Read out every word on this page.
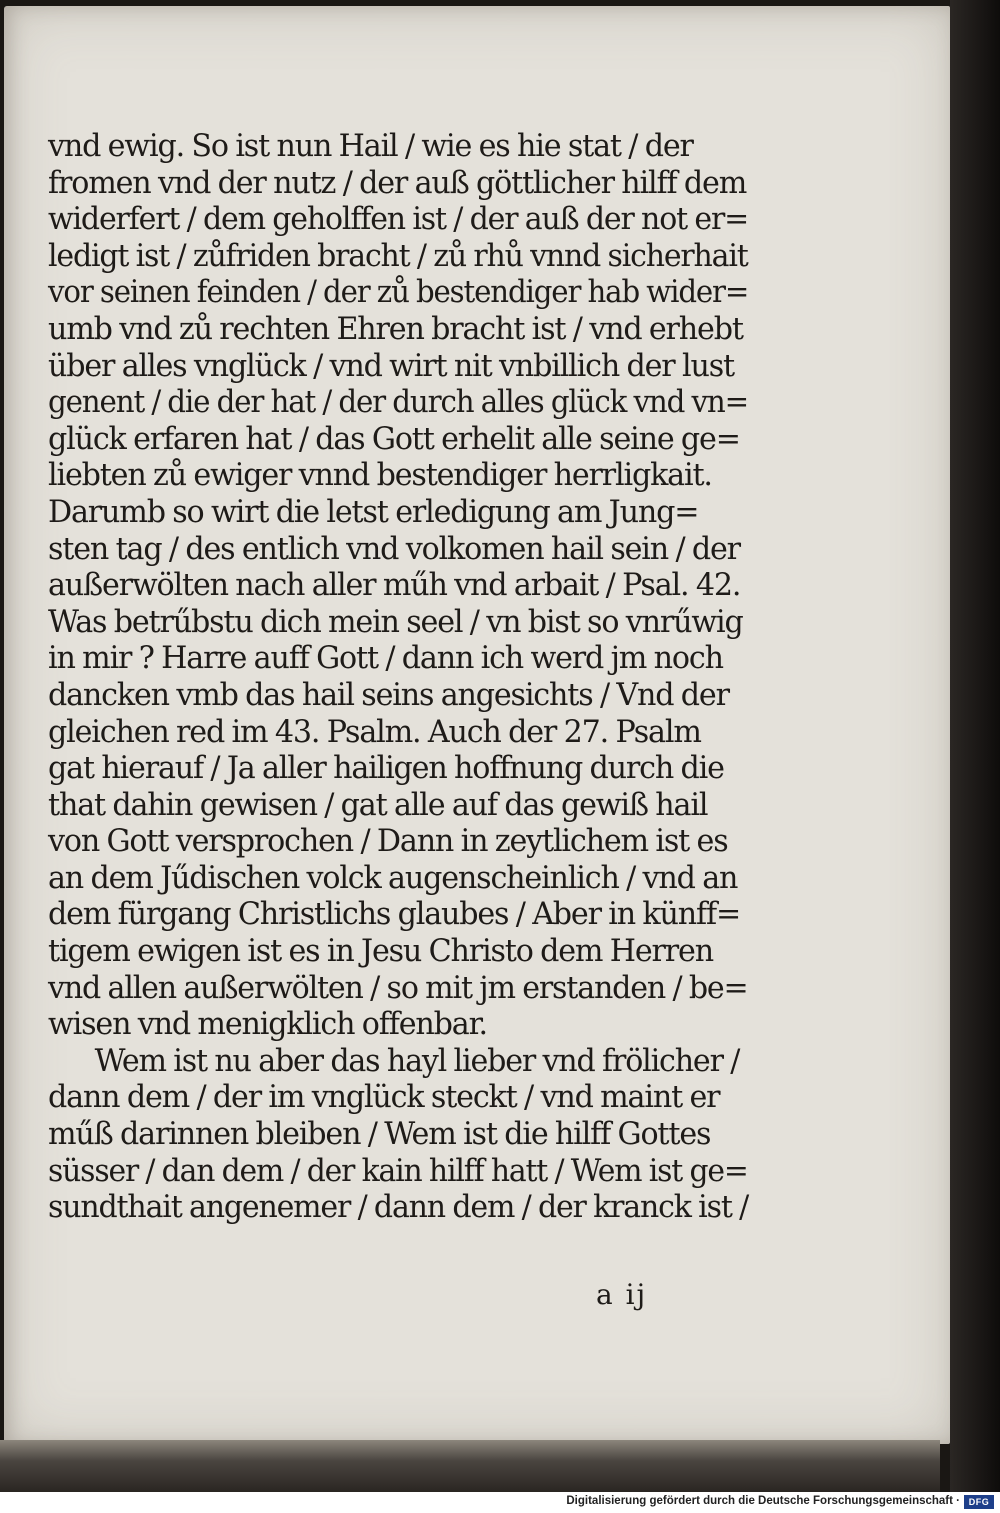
vnd ewig. So ist nun Hail / wie es hie stat / der
fromen vnd der nutz / der auß göttlicher hilff dem
widerfert / dem geholffen ist / der auß der not er=
ledigt ist / zůfriden bracht / zů rhů vnnd sicherhait
vor seinen feinden / der zů bestendiger hab wider=
umb vnd zů rechten Ehren bracht ist / vnd erhebt
über alles vnglück / vnd wirt nit vnbillich der lust
genent / die der hat / der durch alles glück vnd vn=
glück erfaren hat / das Gott erhelit alle seine ge=
liebten zů ewiger vnnd bestendiger herrligkait.
Darumb so wirt die letst erledigung am Jung=
sten tag / des entlich vnd volkomen hail sein / der
außerwölten nach aller műh vnd arbait / Psal. 42.
Was betrűbstu dich mein seel / vn bist so vnrűwig
in mir ? Harre auff Gott / dann ich werd jm noch
dancken vmb das hail seins angesichts / Vnd der
gleichen red im 43. Psalm. Auch der 27. Psalm
gat hierauf / Ja aller hailigen hoffnung durch die
that dahin gewisen / gat alle auf das gewiß hail
von Gott versprochen / Dann in zeytlichem ist es
an dem Jűdischen volck augenscheinlich / vnd an
dem fürgang Christlichs glaubes / Aber in künff=
tigem ewigen ist es in Jesu Christo dem Herren
vnd allen außerwölten / so mit jm erstanden / be=
wisen vnd menigklich offenbar.
Wem ist nu aber das hayl lieber vnd frölicher /
dann dem / der im vnglück steckt / vnd maint er
műß darinnen bleiben / Wem ist die hilff Gottes
süsser / dan dem / der kain hilff hatt / Wem ist ge=
sundthait angenemer / dann dem / der kranck ist /
a ij
Digitalisierung gefördert durch die Deutsche Forschungsgemeinschaft · DFG
